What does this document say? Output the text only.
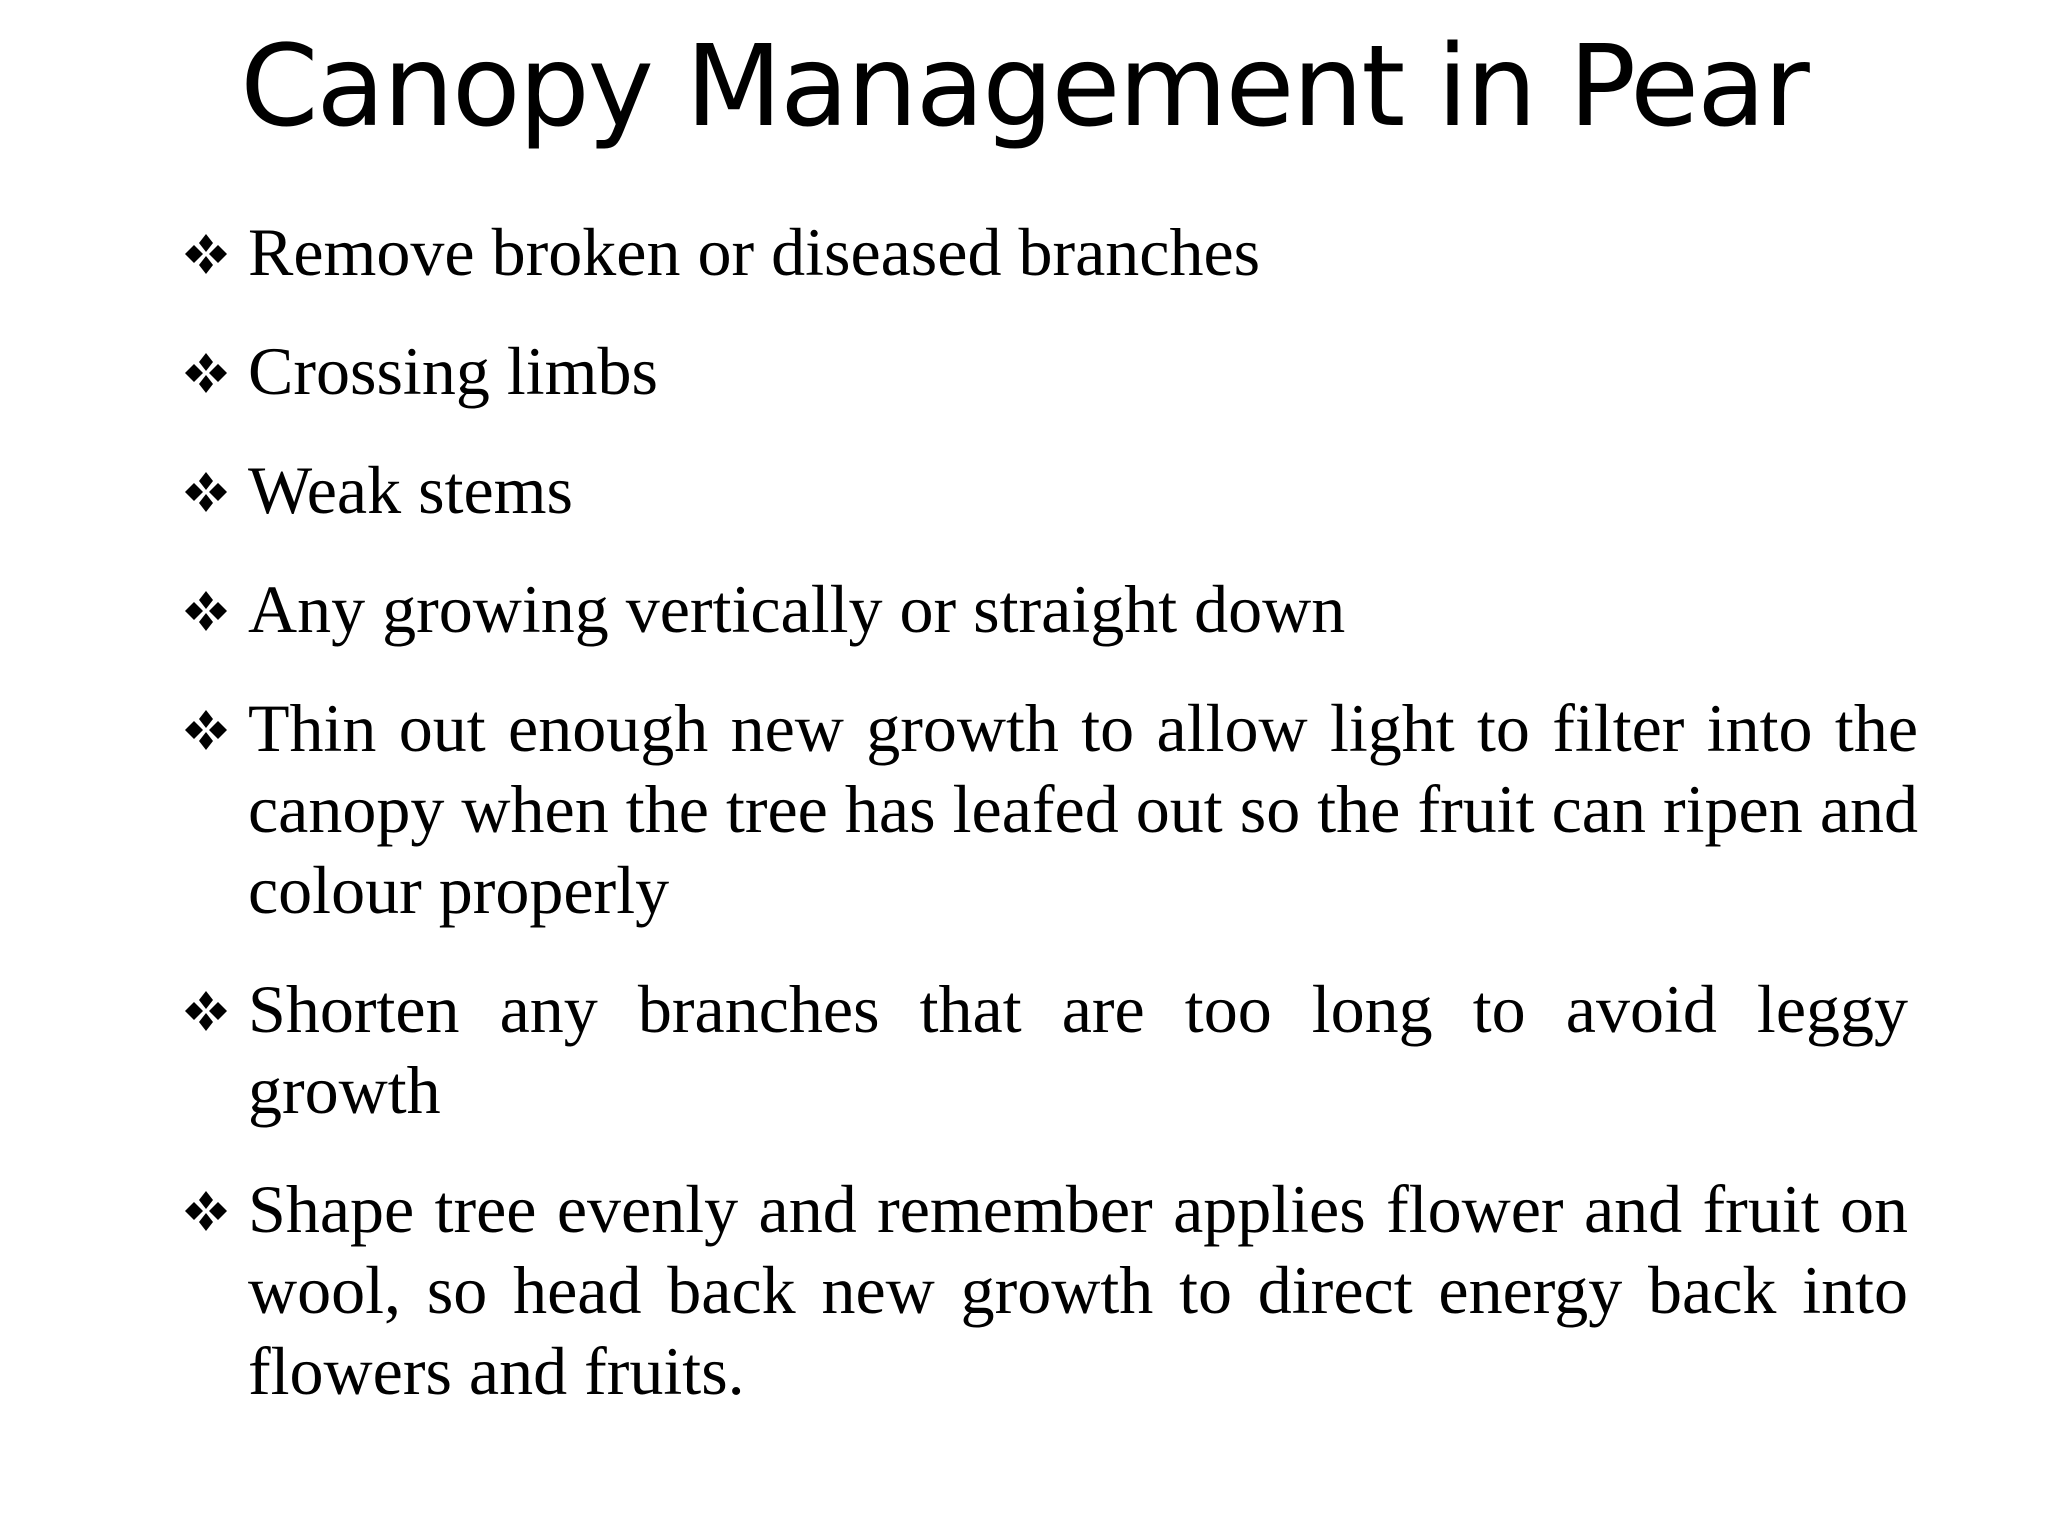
Canopy Management in Pear
Remove broken or diseased branches
Crossing limbs
Weak stems
Any growing vertically or straight down
Thin out enough new growth to allow light to filter into the canopy when the tree has leafed out so the fruit can ripen and colour properly
Shorten any branches that are too long to avoid leggy growth
Shape tree evenly and remember applies flower and fruit on wool, so head back new growth to direct energy back into flowers and fruits.
